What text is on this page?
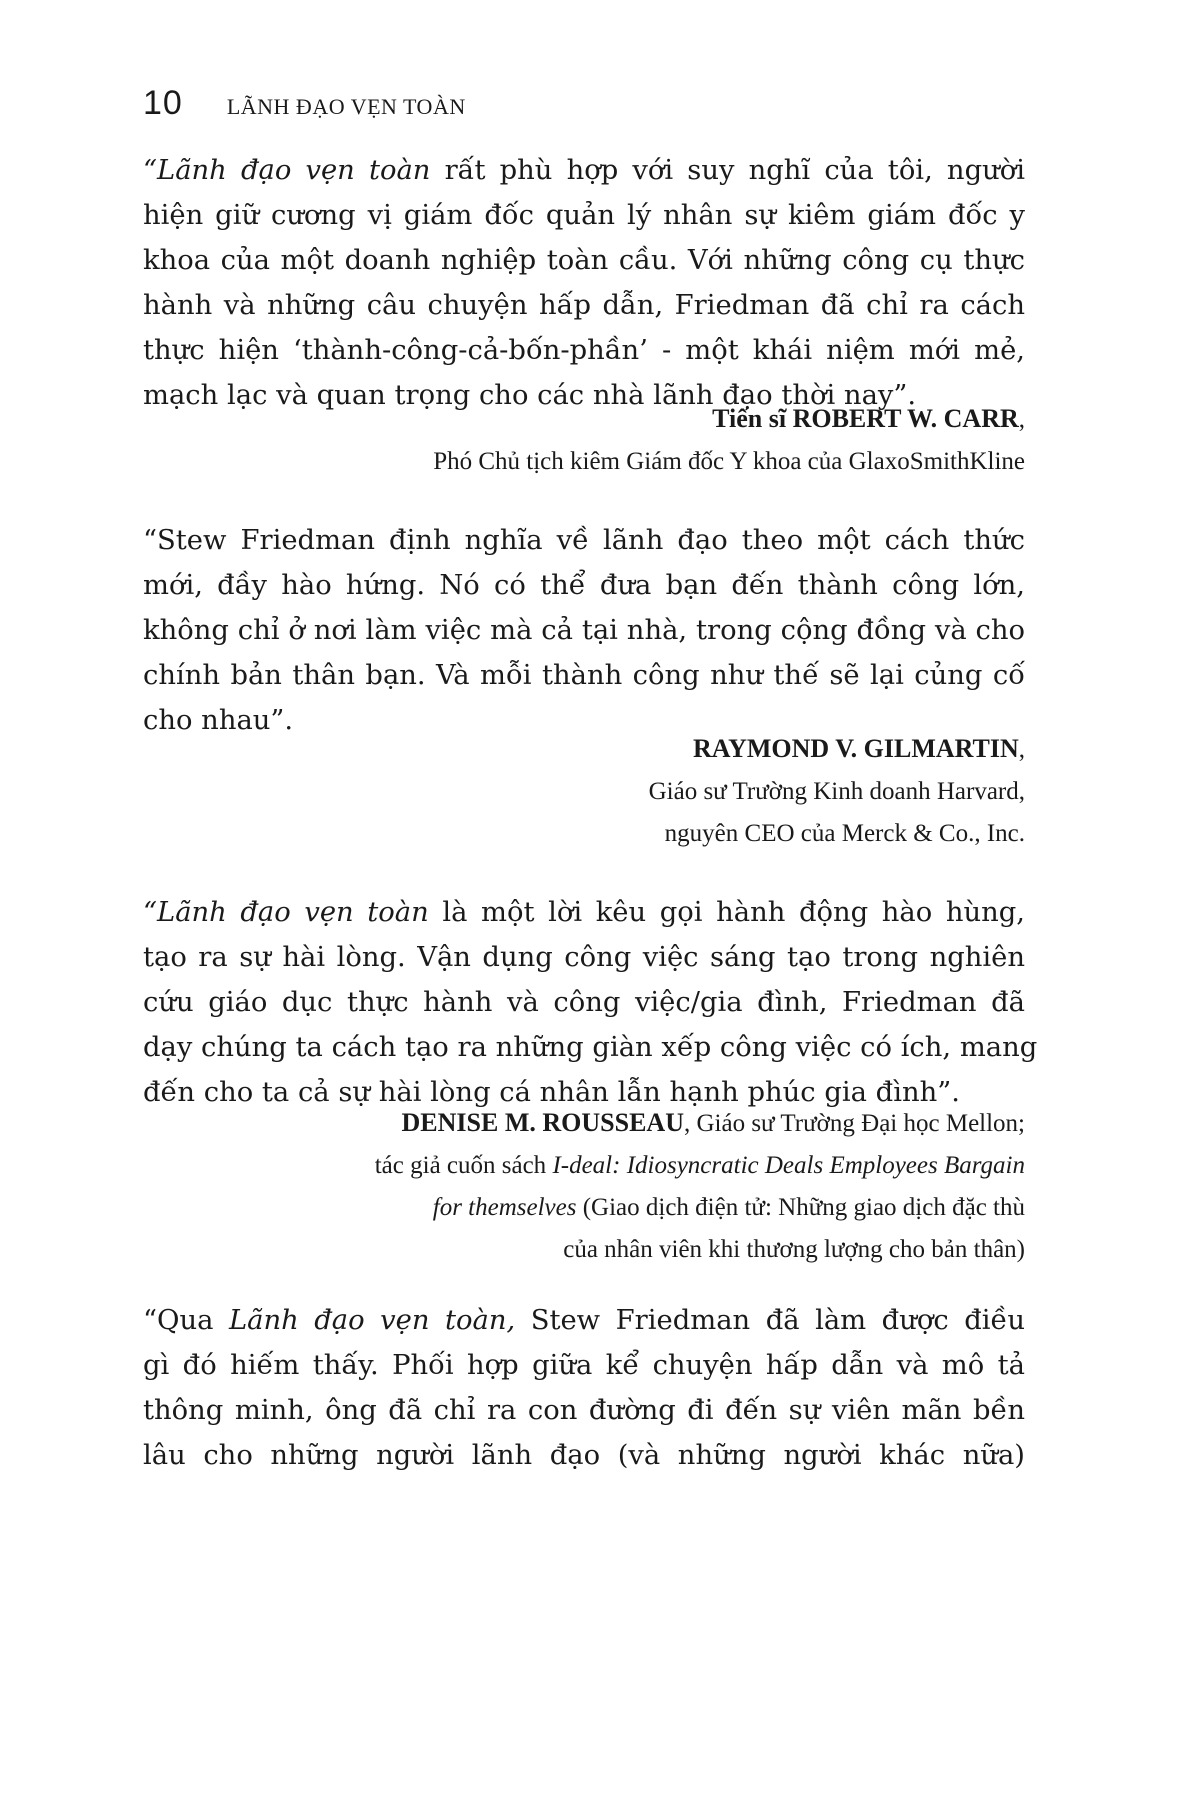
10 LÃNH ĐẠO VẸN TOÀN

“Lãnh đạo vẹn toàn rất phù hợp với suy nghĩ của tôi, người
hiện giữ cương vị giám đốc quản lý nhân sự kiêm giám đốc y
khoa của một doanh nghiệp toàn cầu. Với những công cụ thực
hành và những câu chuyện hấp dẫn, Friedman đã chỉ ra cách
thực hiện ‘thành-công-cả-bốn-phần’ - một khái niệm mới mẻ,
mạch lạc và quan trọng cho các nhà lãnh đạo thời nay”.

Tiến sĩ ROBERT W. CARR,
Phó Chủ tịch kiêm Giám đốc Y khoa của GlaxoSmithKline

“Stew Friedman định nghĩa về lãnh đạo theo một cách thức
mới, đầy hào hứng. Nó có thể đưa bạn đến thành công lớn,
không chỉ ở nơi làm việc mà cả tại nhà, trong cộng đồng và cho
chính bản thân bạn. Và mỗi thành công như thế sẽ lại củng cố
cho nhau”.

RAYMOND V. GILMARTIN,
Giáo sư Trường Kinh doanh Harvard,
nguyên CEO của Merck & Co., Inc.

“Lãnh đạo vẹn toàn là một lời kêu gọi hành động hào hùng,
tạo ra sự hài lòng. Vận dụng công việc sáng tạo trong nghiên
cứu giáo dục thực hành và công việc/gia đình, Friedman đã
dạy chúng ta cách tạo ra những giàn xếp công việc có ích, mang
đến cho ta cả sự hài lòng cá nhân lẫn hạnh phúc gia đình”.

DENISE M. ROUSSEAU, Giáo sư Trường Đại học Mellon;
tác giả cuốn sách I-deal: Idiosyncratic Deals Employees Bargain
for themselves (Giao dịch điện tử: Những giao dịch đặc thù
của nhân viên khi thương lượng cho bản thân)

“Qua Lãnh đạo vẹn toàn, Stew Friedman đã làm được điều
gì đó hiếm thấy. Phối hợp giữa kể chuyện hấp dẫn và mô tả
thông minh, ông đã chỉ ra con đường đi đến sự viên mãn bền
lâu cho những người lãnh đạo (và những người khác nữa)
